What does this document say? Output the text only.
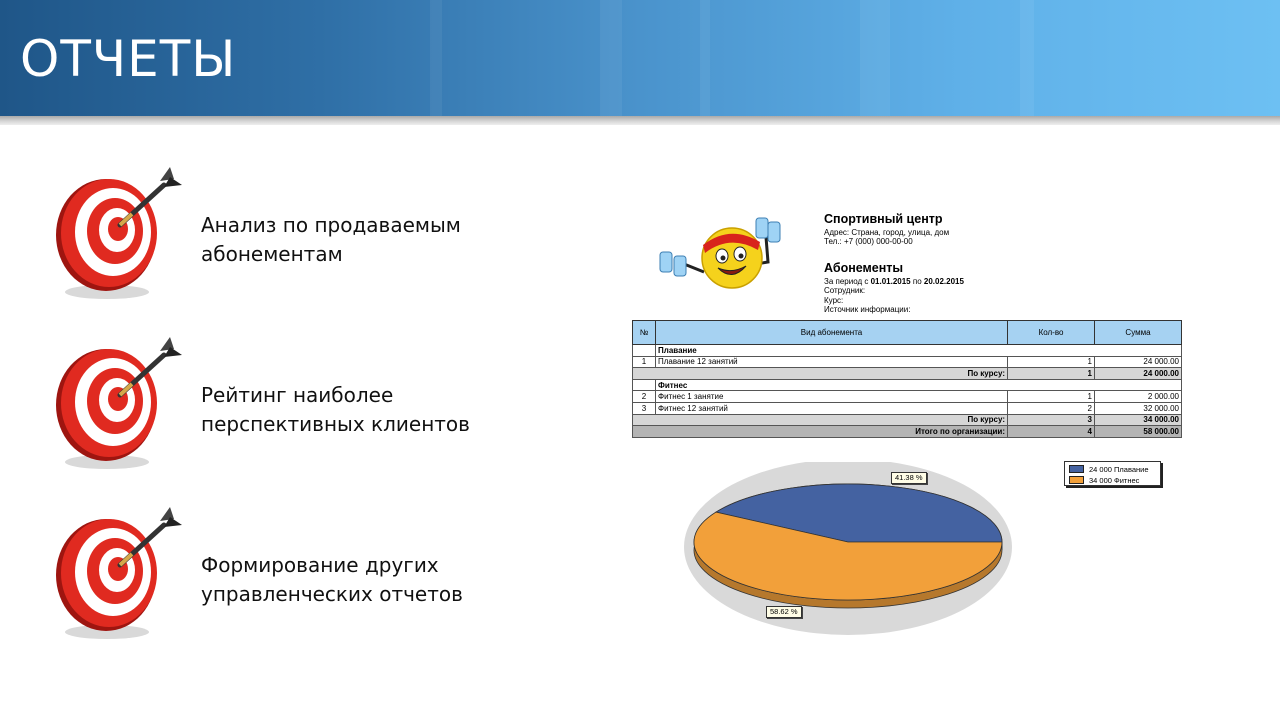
ОТЧЕТЫ
Анализ по продаваемым
абонементам
Рейтинг наиболее
перспективных клиентов
Формирование других
управленческих отчетов
Спортивный центр
Адрес: Страна, город, улица, дом
Тел.: +7 (000) 000-00-00
Абонементы
За период с 01.01.2015 по 20.02.2015
Сотрудник:
Курс:
Источник информации:
№	Вид абонемента	Кол-во	Сумма
	Плавание		
1	Плавание 12 занятий	1	24 000.00
По курсу:		1	24 000.00
	Фитнес		
2	Фитнес 1 занятие	1	2 000.00
3	Фитнес 12 занятий	2	32 000.00
По курсу:		3	34 000.00
Итого по организации:		4	58 000.00
41.38 %
58.62 %
24 000 Плавание
34 000 Фитнес
